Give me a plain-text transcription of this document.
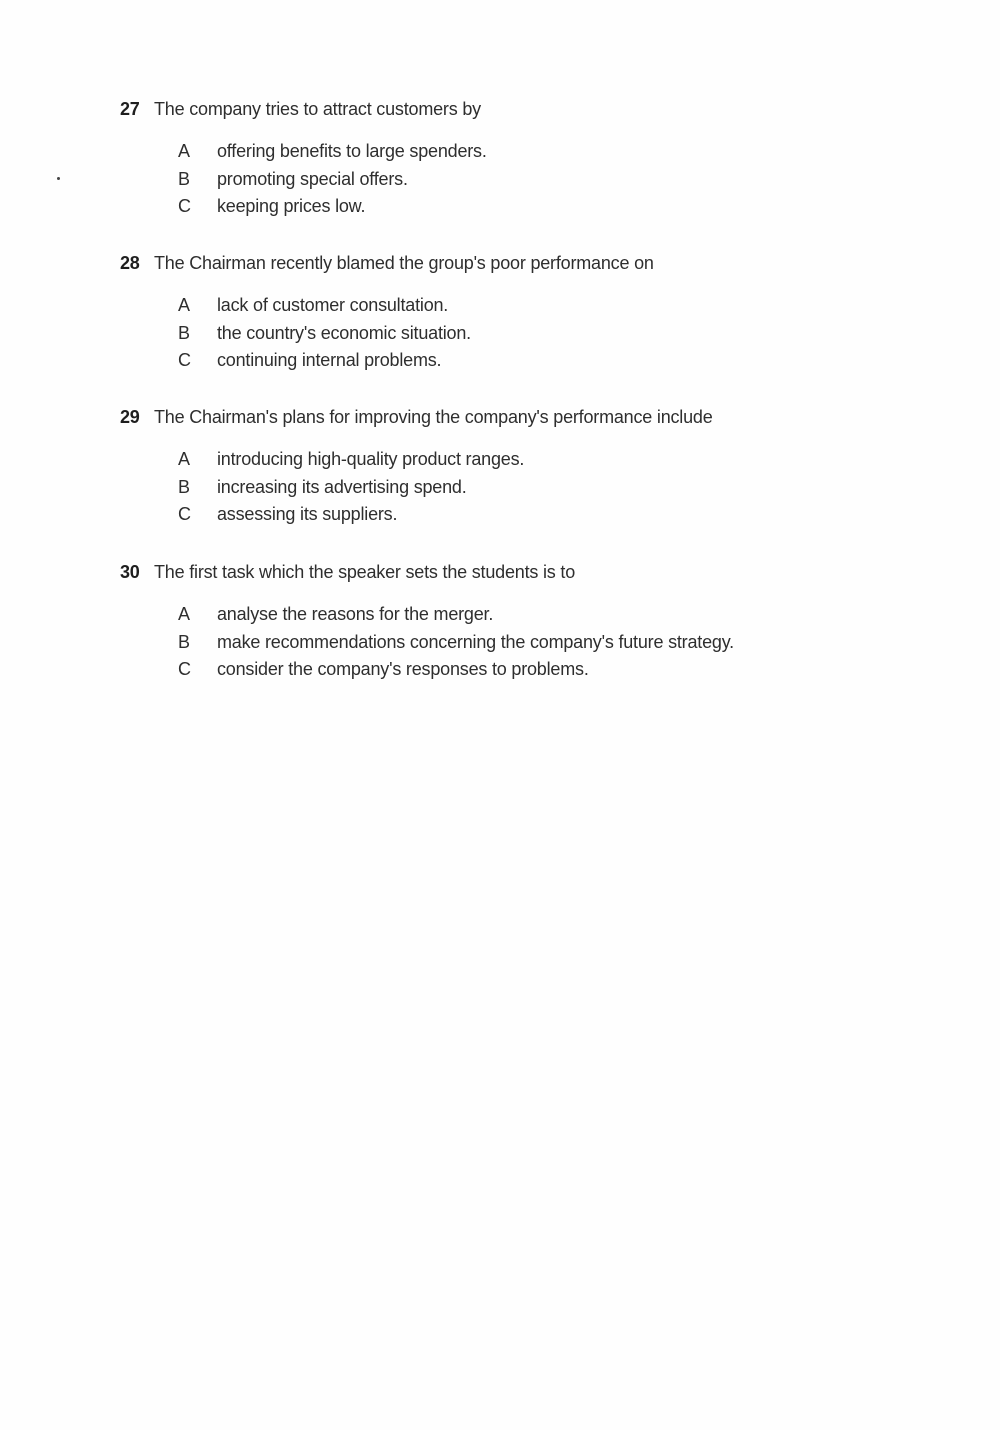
27 The company tries to attract customers by
A	offering benefits to large spenders.
B	promoting special offers.
C	keeping prices low.
28 The Chairman recently blamed the group's poor performance on
A	lack of customer consultation.
B	the country's economic situation.
C	continuing internal problems.
29 The Chairman's plans for improving the company's performance include
A	introducing high-quality product ranges.
B	increasing its advertising spend.
C	assessing its suppliers.
30 The first task which the speaker sets the students is to
A	analyse the reasons for the merger.
B	make recommendations concerning the company's future strategy.
C	consider the company's responses to problems.
